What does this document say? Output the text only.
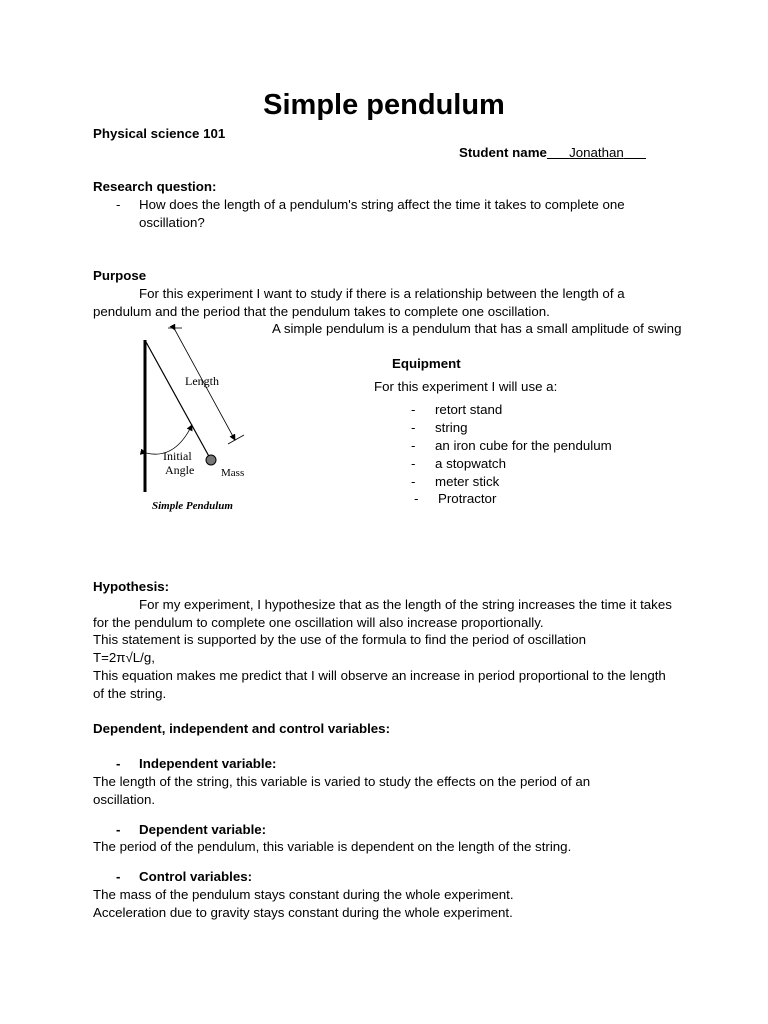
Simple pendulum
Physical science 101
Student name Jonathan
Research question:
- How does the length of a pendulum's string affect the time it takes to complete one oscillation?
Purpose
For this experiment I want to study if there is a relationship between the length of a pendulum and the period that the pendulum takes to complete one oscillation.
A simple pendulum is a pendulum that has a small amplitude of swing
Length
Initial
Angle Mass
Simple Pendulum
Equipment
For this experiment I will use a:
- retort stand
- string
- an iron cube for the pendulum
- a stopwatch
- meter stick
- Protractor
Hypothesis:
For my experiment, I hypothesize that as the length of the string increases the time it takes for the pendulum to complete one oscillation will also increase proportionally.
This statement is supported by the use of the formula to find the period of oscillation
T=2π√L/g,
This equation makes me predict that I will observe an increase in period proportional to the length of the string.
Dependent, independent and control variables:
- Independent variable:
The length of the string, this variable is varied to study the effects on the period of an oscillation.
- Dependent variable:
The period of the pendulum, this variable is dependent on the length of the string.
- Control variables:
The mass of the pendulum stays constant during the whole experiment.
Acceleration due to gravity stays constant during the whole experiment.
